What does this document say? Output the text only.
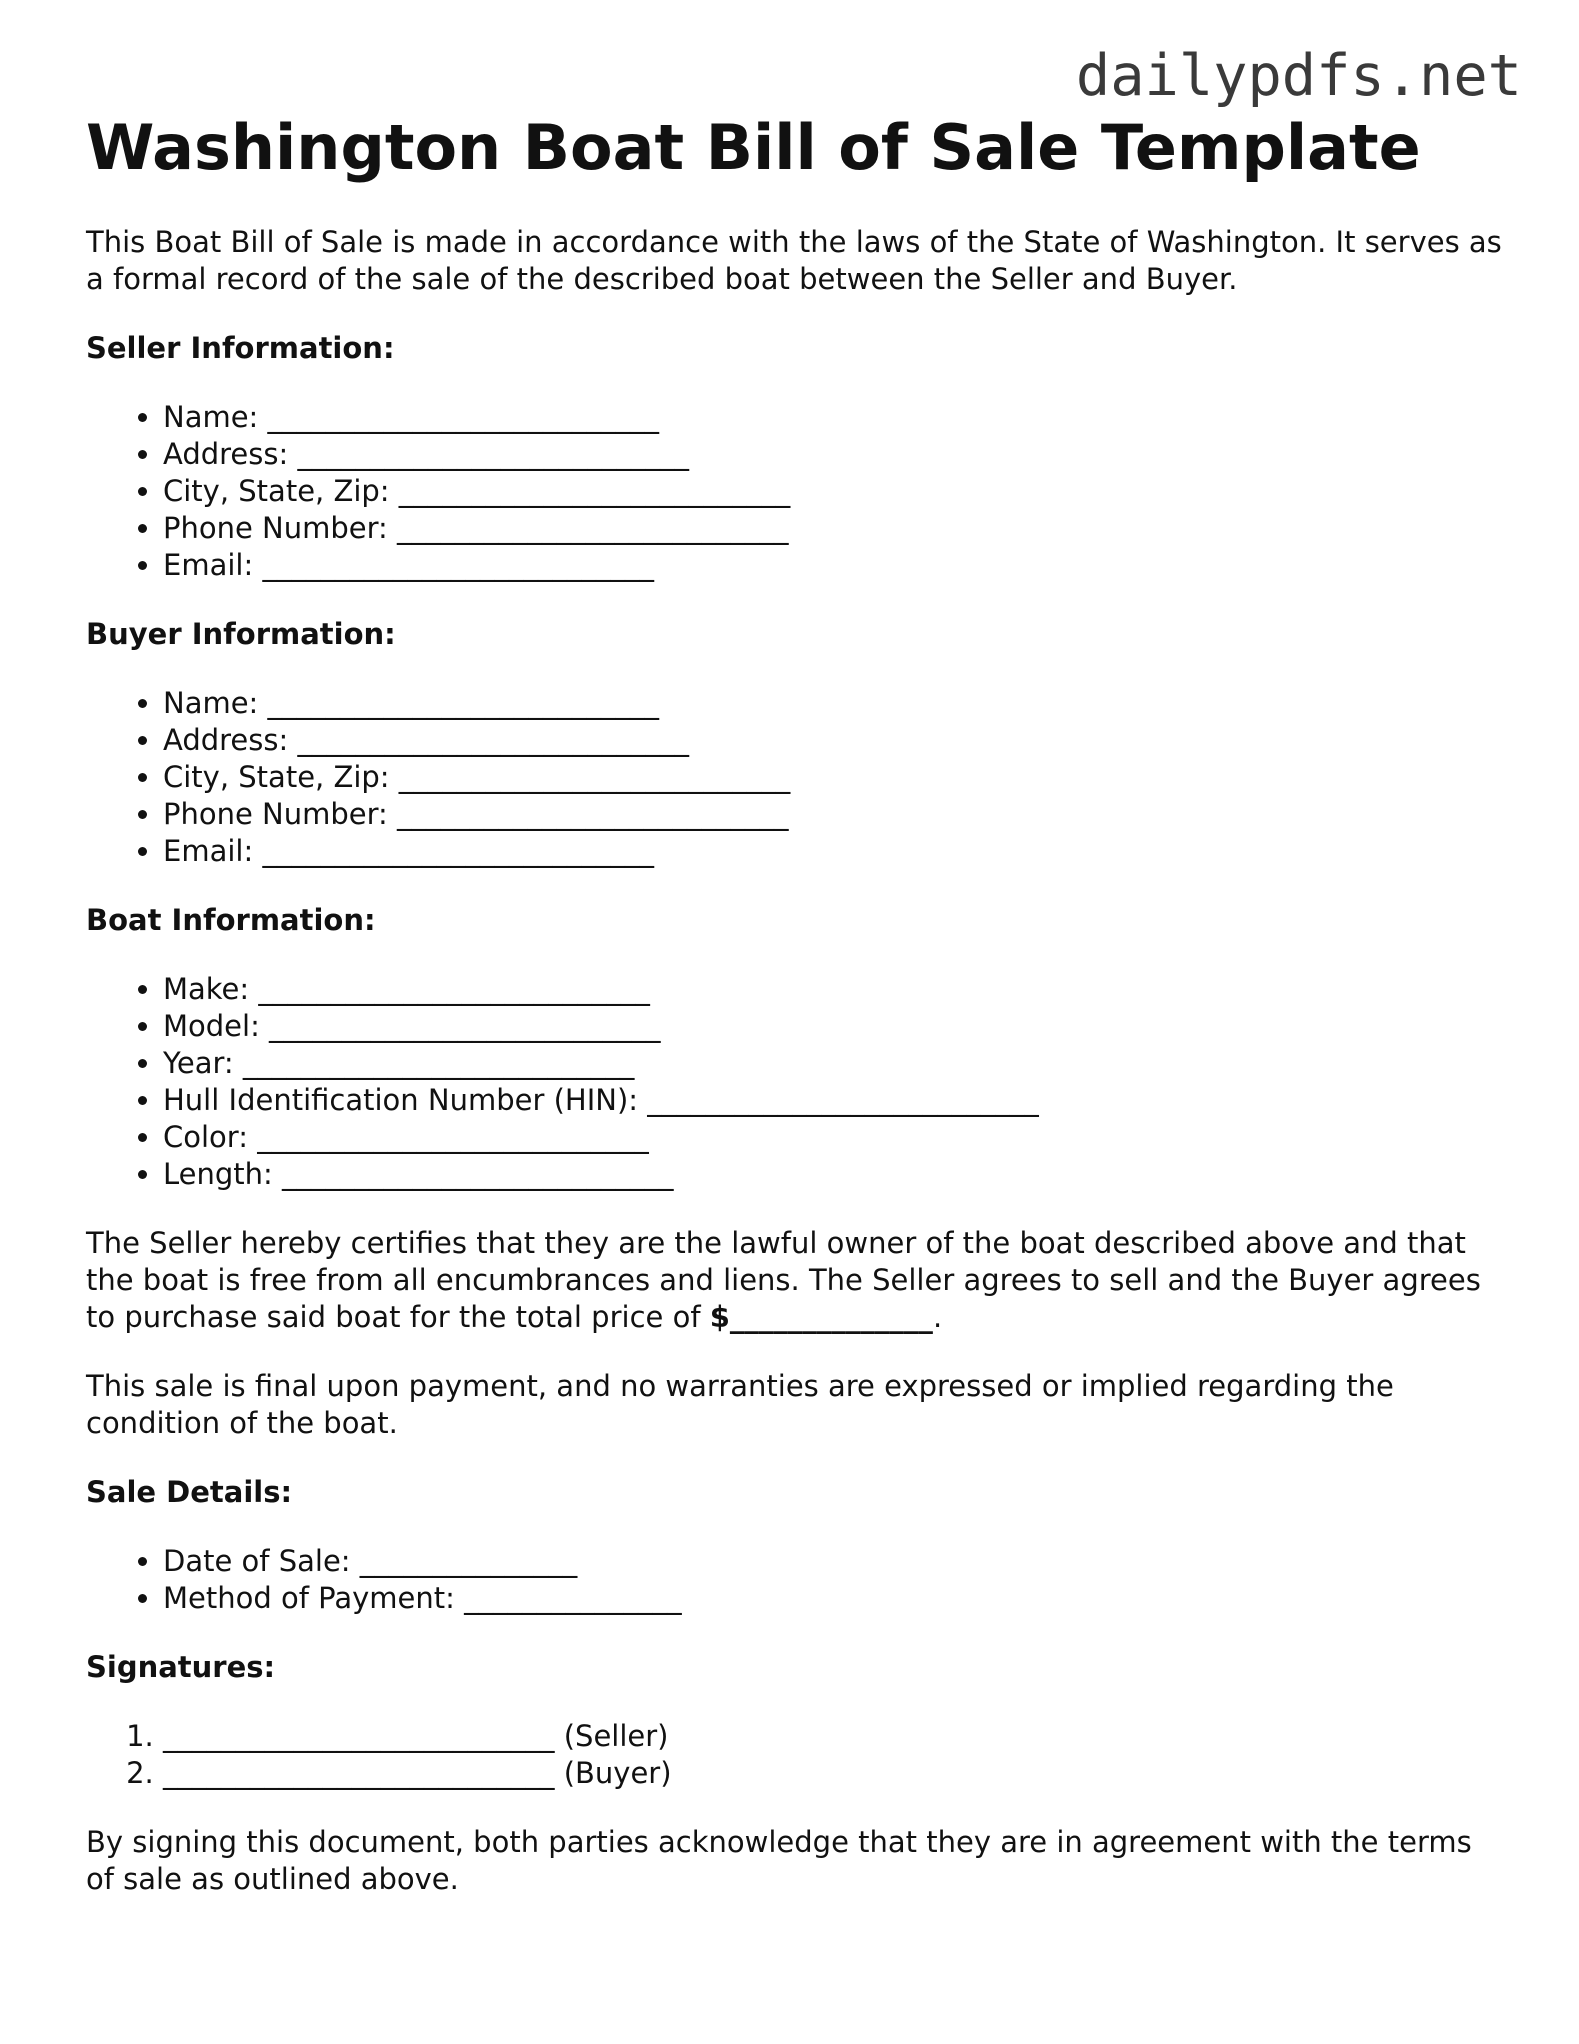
dailypdfs.net
Washington Boat Bill of Sale Template

This Boat Bill of Sale is made in accordance with the laws of the State of Washington. It serves as a formal record of the sale of the described boat between the Seller and Buyer.

Seller Information:
• Name: ___________________________
• Address: ___________________________
• City, State, Zip: ___________________________
• Phone Number: ___________________________
• Email: ___________________________
Buyer Information:
• Name: ___________________________
• Address: ___________________________
• City, State, Zip: ___________________________
• Phone Number: ___________________________
• Email: ___________________________
Boat Information:
• Make: ___________________________
• Model: ___________________________
• Year: ___________________________
• Hull Identification Number (HIN): ___________________________
• Color: ___________________________
• Length: ___________________________

The Seller hereby certifies that they are the lawful owner of the boat described above and that the boat is free from all encumbrances and liens. The Seller agrees to sell and the Buyer agrees to purchase said boat for the total price of $______________.

This sale is final upon payment, and no warranties are expressed or implied regarding the condition of the boat.

Sale Details:
• Date of Sale: _______________
• Method of Payment: _______________
Signatures:
1. ___________________________ (Seller)
2. ___________________________ (Buyer)

By signing this document, both parties acknowledge that they are in agreement with the terms of sale as outlined above.
